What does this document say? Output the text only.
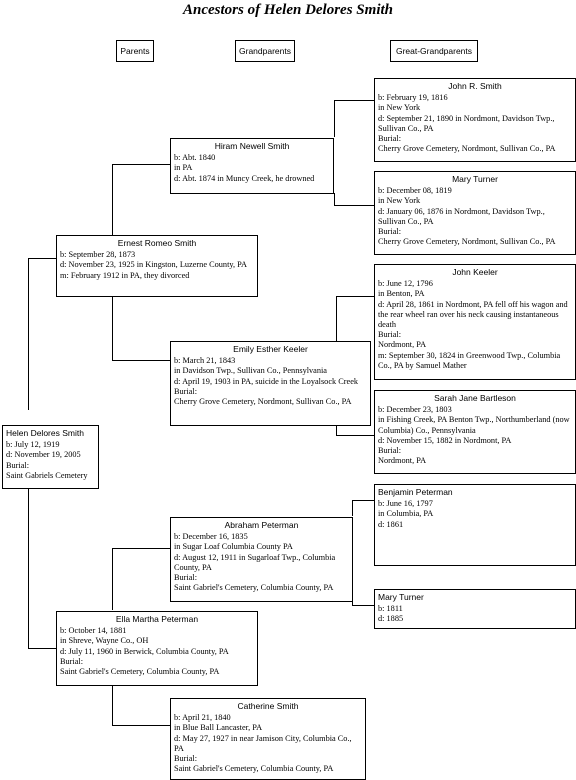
Ancestors of Helen Delores Smith
Parents	Grandparents	Great-Grandparents
Helen Delores Smith
b: July 12, 1919
d: November 19, 2005
Burial:
Saint Gabriels Cemetery
Ernest Romeo Smith
b: September 28, 1873
d: November 23, 1925 in Kingston, Luzerne County, PA
m: February 1912 in PA, they divorced
Ella Martha Peterman
b: October 14, 1881
in Shreve, Wayne Co., OH
d: July 11, 1960 in Berwick, Columbia County, PA
Burial:
Saint Gabriel's Cemetery, Columbia County, PA
Hiram Newell Smith
b: Abt. 1840
in PA
d: Abt. 1874 in Muncy Creek, he drowned
Emily Esther Keeler
b: March 21, 1843
in Davidson Twp., Sullivan Co., Pennsylvania
d: April 19, 1903 in PA, suicide in the Loyalsock Creek
Burial:
Cherry Grove Cemetery, Nordmont, Sullivan Co., PA
Abraham Peterman
b: December 16, 1835
in Sugar Loaf Columbia County PA
d: August 12, 1911 in Sugarloaf Twp., Columbia County, PA
Burial:
Saint Gabriel's Cemetery, Columbia County, PA
Catherine Smith
b: April 21, 1840
in Blue Ball Lancaster, PA
d: May 27, 1927 in near Jamison City, Columbia Co., PA
Burial:
Saint Gabriel's Cemetery, Columbia County, PA
John R. Smith
b: February 19, 1816
in New York
d: September 21, 1890 in Nordmont, Davidson Twp., Sullivan Co., PA
Burial:
Cherry Grove Cemetery, Nordmont, Sullivan Co., PA
Mary Turner
b: December 08, 1819
in New York
d: January 06, 1876 in Nordmont, Davidson Twp., Sullivan Co., PA
Burial:
Cherry Grove Cemetery, Nordmont, Sullivan Co., PA
John Keeler
b: June 12, 1796
in Benton, PA
d: April 28, 1861 in Nordmont, PA fell off his wagon and the rear wheel ran over his neck causing instantaneous death
Burial:
Nordmont, PA
m: September 30, 1824 in Greenwood Twp., Columbia Co., PA by Samuel Mather
Sarah Jane Bartleson
b: December 23, 1803
in Fishing Creek, PA Benton Twp., Northumberland (now Columbia) Co., Pennsylvania
d: November 15, 1882 in Nordmont, PA
Burial:
Nordmont, PA
Benjamin Peterman
b: June 16, 1797
in Columbia, PA
d: 1861
Mary Turner
b: 1811
d: 1885
